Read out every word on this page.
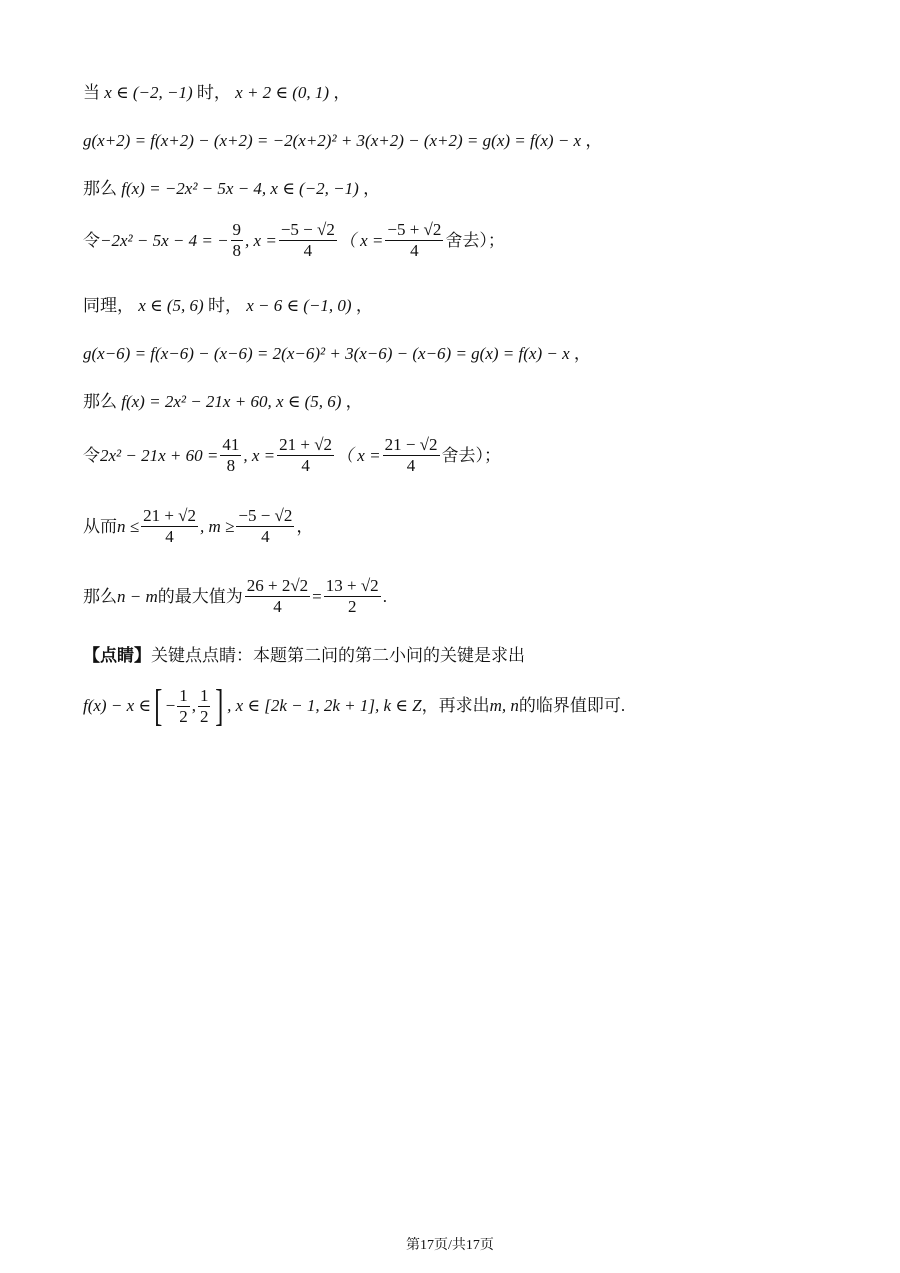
当 x ∈ (−2, −1) 时， x + 2 ∈ (0, 1) ，
g(x+2) = f(x+2) − (x+2) = −2(x+2)² + 3(x+2) − (x+2) = g(x) = f(x) − x ，
那么 f(x) = −2x² − 5x − 4, x ∈ (−2, −1) ，
令 −2x² − 5x − 4 = − $\frac{9}{8}$ , $x = \frac{-5 - √2}{4}$ （ $x = \frac{-5 + √2}{4}$ 舍去）；
同理， x ∈ (5, 6) 时， x − 6 ∈ (−1, 0) ，
g(x−6) = f(x−6) − (x−6) = 2(x−6)² + 3(x−6) − (x−6) = g(x) = f(x) − x ，
那么 f(x) = 2x² − 21x + 60, x ∈ (5, 6) ，
令 $2x^2 - 21x + 60 = \frac{41}{8}$ , $x = \frac{21 + √2}{4}$ （ $x = \frac{21 - √2}{4}$ 舍去）；
从而 $n \le \frac{21 + √2}{4}$ , $m \ge \frac{-5 - √2}{4}$ ，
那么 n − m 的最大值为 $\frac{26 + 2√2}{4} = \frac{13 + √2}{2}$ .
【点睛】关键点点睛：本题第二问的第二小问的关键是求出
f(x) − x ∈ [ − $\frac{1}{2}$ , $\frac{1}{2}$ ] , x ∈ [2k − 1, 2k + 1], k ∈ Z ，再求出 m, n 的临界值即可.
第17页/共17页
